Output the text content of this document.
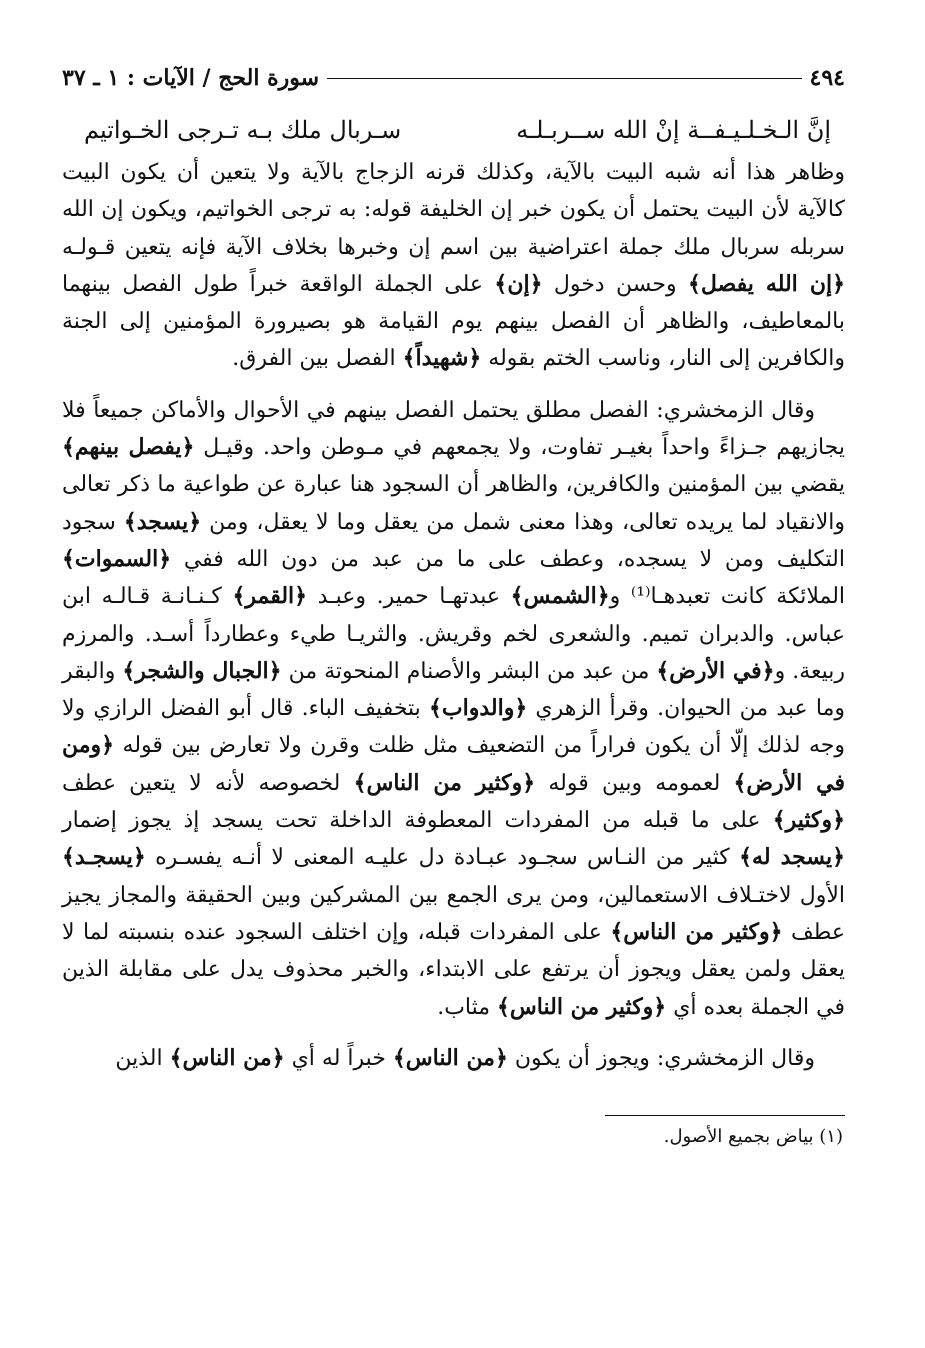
٤٩٤
سورة الحج / الآيات : ١ ـ ٣٧
إنَّ الـخـلـيـفــة إنْ الله ســربـلـه
سـربال ملك بـه تـرجى الخـواتيم

وظاهر هذا أنه شبه البيت بالآية، وكذلك قرنه الزجاج بالآية ولا يتعين أن يكون البيت كالآية لأن البيت يحتمل أن يكون خبر إن الخليفة قوله: به ترجى الخواتيم، ويكون إن الله سربله سربال ملك جملة اعتراضية بين اسم إن وخبرها بخلاف الآية فإنه يتعين قـولـه ﴿إن الله يفصل﴾ وحسن دخول ﴿إن﴾ على الجملة الواقعة خبراً طول الفصل بينهما بالمعاطيف، والظاهر أن الفصل بينهم يوم القيامة هو بصيرورة المؤمنين إلى الجنة والكافرين إلى النار، وناسب الختم بقوله ﴿شهيداً﴾ الفصل بين الفرق.

وقال الزمخشري: الفصل مطلق يحتمل الفصل بينهم في الأحوال والأماكن جميعاً فلا يجازيهم جـزاءً واحداً بغيـر تفاوت، ولا يجمعهم في مـوطن واحد. وقيـل ﴿يفصل بينهم﴾ يقضي بين المؤمنين والكافرين، والظاهر أن السجود هنا عبارة عن طواعية ما ذكر تعالى والانقياد لما يريده تعالى، وهذا معنى شمل من يعقل وما لا يعقل، ومن ﴿يسجد﴾ سجود التكليف ومن لا يسجده، وعطف على ما من عبد من دون الله ففي ﴿السموات﴾ الملائكة كانت تعبدهـا⁽¹⁾ و﴿الشمس﴾ عبدتهـا حمير. وعبـد ﴿القمر﴾ كـنـانـة قـالـه ابن عباس. والدبران تميم. والشعرى لخم وقريش. والثريـا طيء وعطارداً أسـد. والمرزم ربيعة. و﴿في الأرض﴾ من عبد من البشر والأصنام المنحوتة من ﴿الجبال والشجر﴾ والبقر وما عبد من الحيوان. وقرأ الزهري ﴿والدواب﴾ بتخفيف الباء. قال أبو الفضل الرازي ولا وجه لذلك إلّا أن يكون فراراً من التضعيف مثل ظلت وقرن ولا تعارض بين قوله ﴿ومن في الأرض﴾ لعمومه وبين قوله ﴿وكثير من الناس﴾ لخصوصه لأنه لا يتعين عطف ﴿وكثير﴾ على ما قبله من المفردات المعطوفة الداخلة تحت يسجد إذ يجوز إضمار ﴿يسجد له﴾ كثير من النـاس سجـود عبـادة دل عليـه المعنى لا أنـه يفسـره ﴿يسجـد﴾ الأول لاختـلاف الاستعمالين، ومن يرى الجمع بين المشركين وبين الحقيقة والمجاز يجيز عطف ﴿وكثير من الناس﴾ على المفردات قبله، وإن اختلف السجود عنده بنسبته لما لا يعقل ولمن يعقل ويجوز أن يرتفع على الابتداء، والخبر محذوف يدل على مقابلة الذين في الجملة بعده أي ﴿وكثير من الناس﴾ مثاب.

وقال الزمخشري: ويجوز أن يكون ﴿من الناس﴾ خبراً له أي ﴿من الناس﴾ الذين

(١) بياض بجميع الأصول.
